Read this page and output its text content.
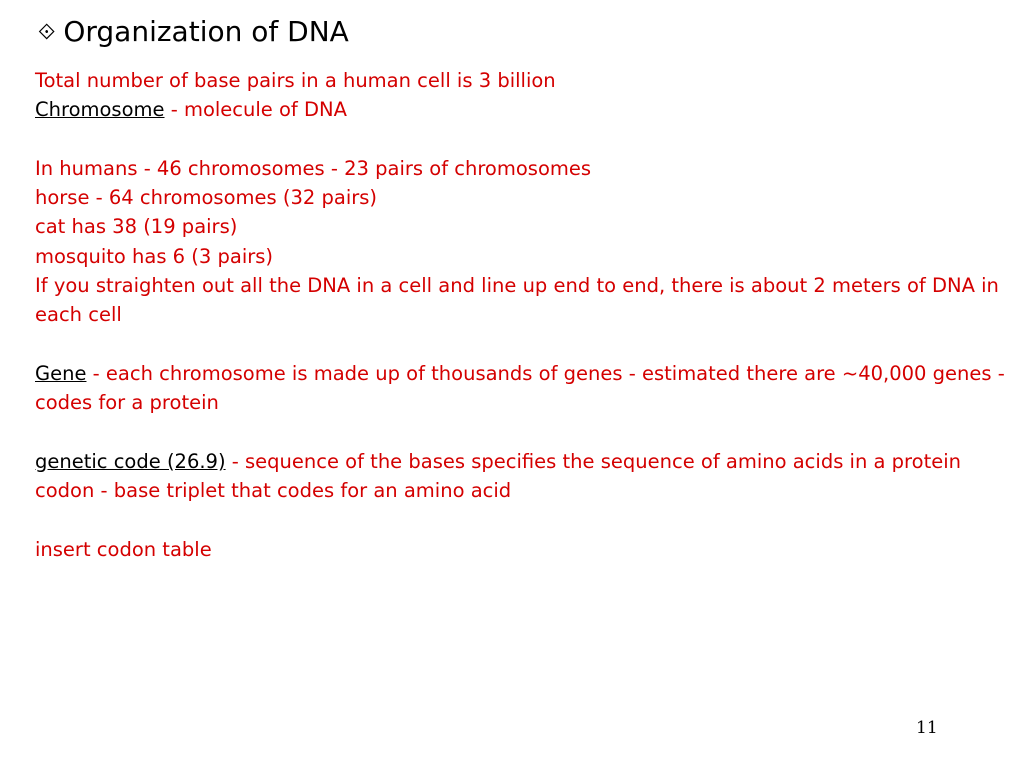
⟐ Organization of DNA
Total number of base pairs in a human cell is 3 billion
Chromosome - molecule of DNA
In humans - 46 chromosomes - 23 pairs of chromosomes
horse - 64 chromosomes (32 pairs)
cat has 38 (19 pairs)
mosquito has 6 (3 pairs)
If you straighten out all the DNA in a cell and line up end to end, there is about 2 meters of DNA in each cell
Gene - each chromosome is made up of thousands of genes - estimated there are ~40,000 genes - codes for a protein
genetic code (26.9) - sequence of the bases specifies the sequence of amino acids in a protein codon - base triplet that codes for an amino acid
insert codon table
11
